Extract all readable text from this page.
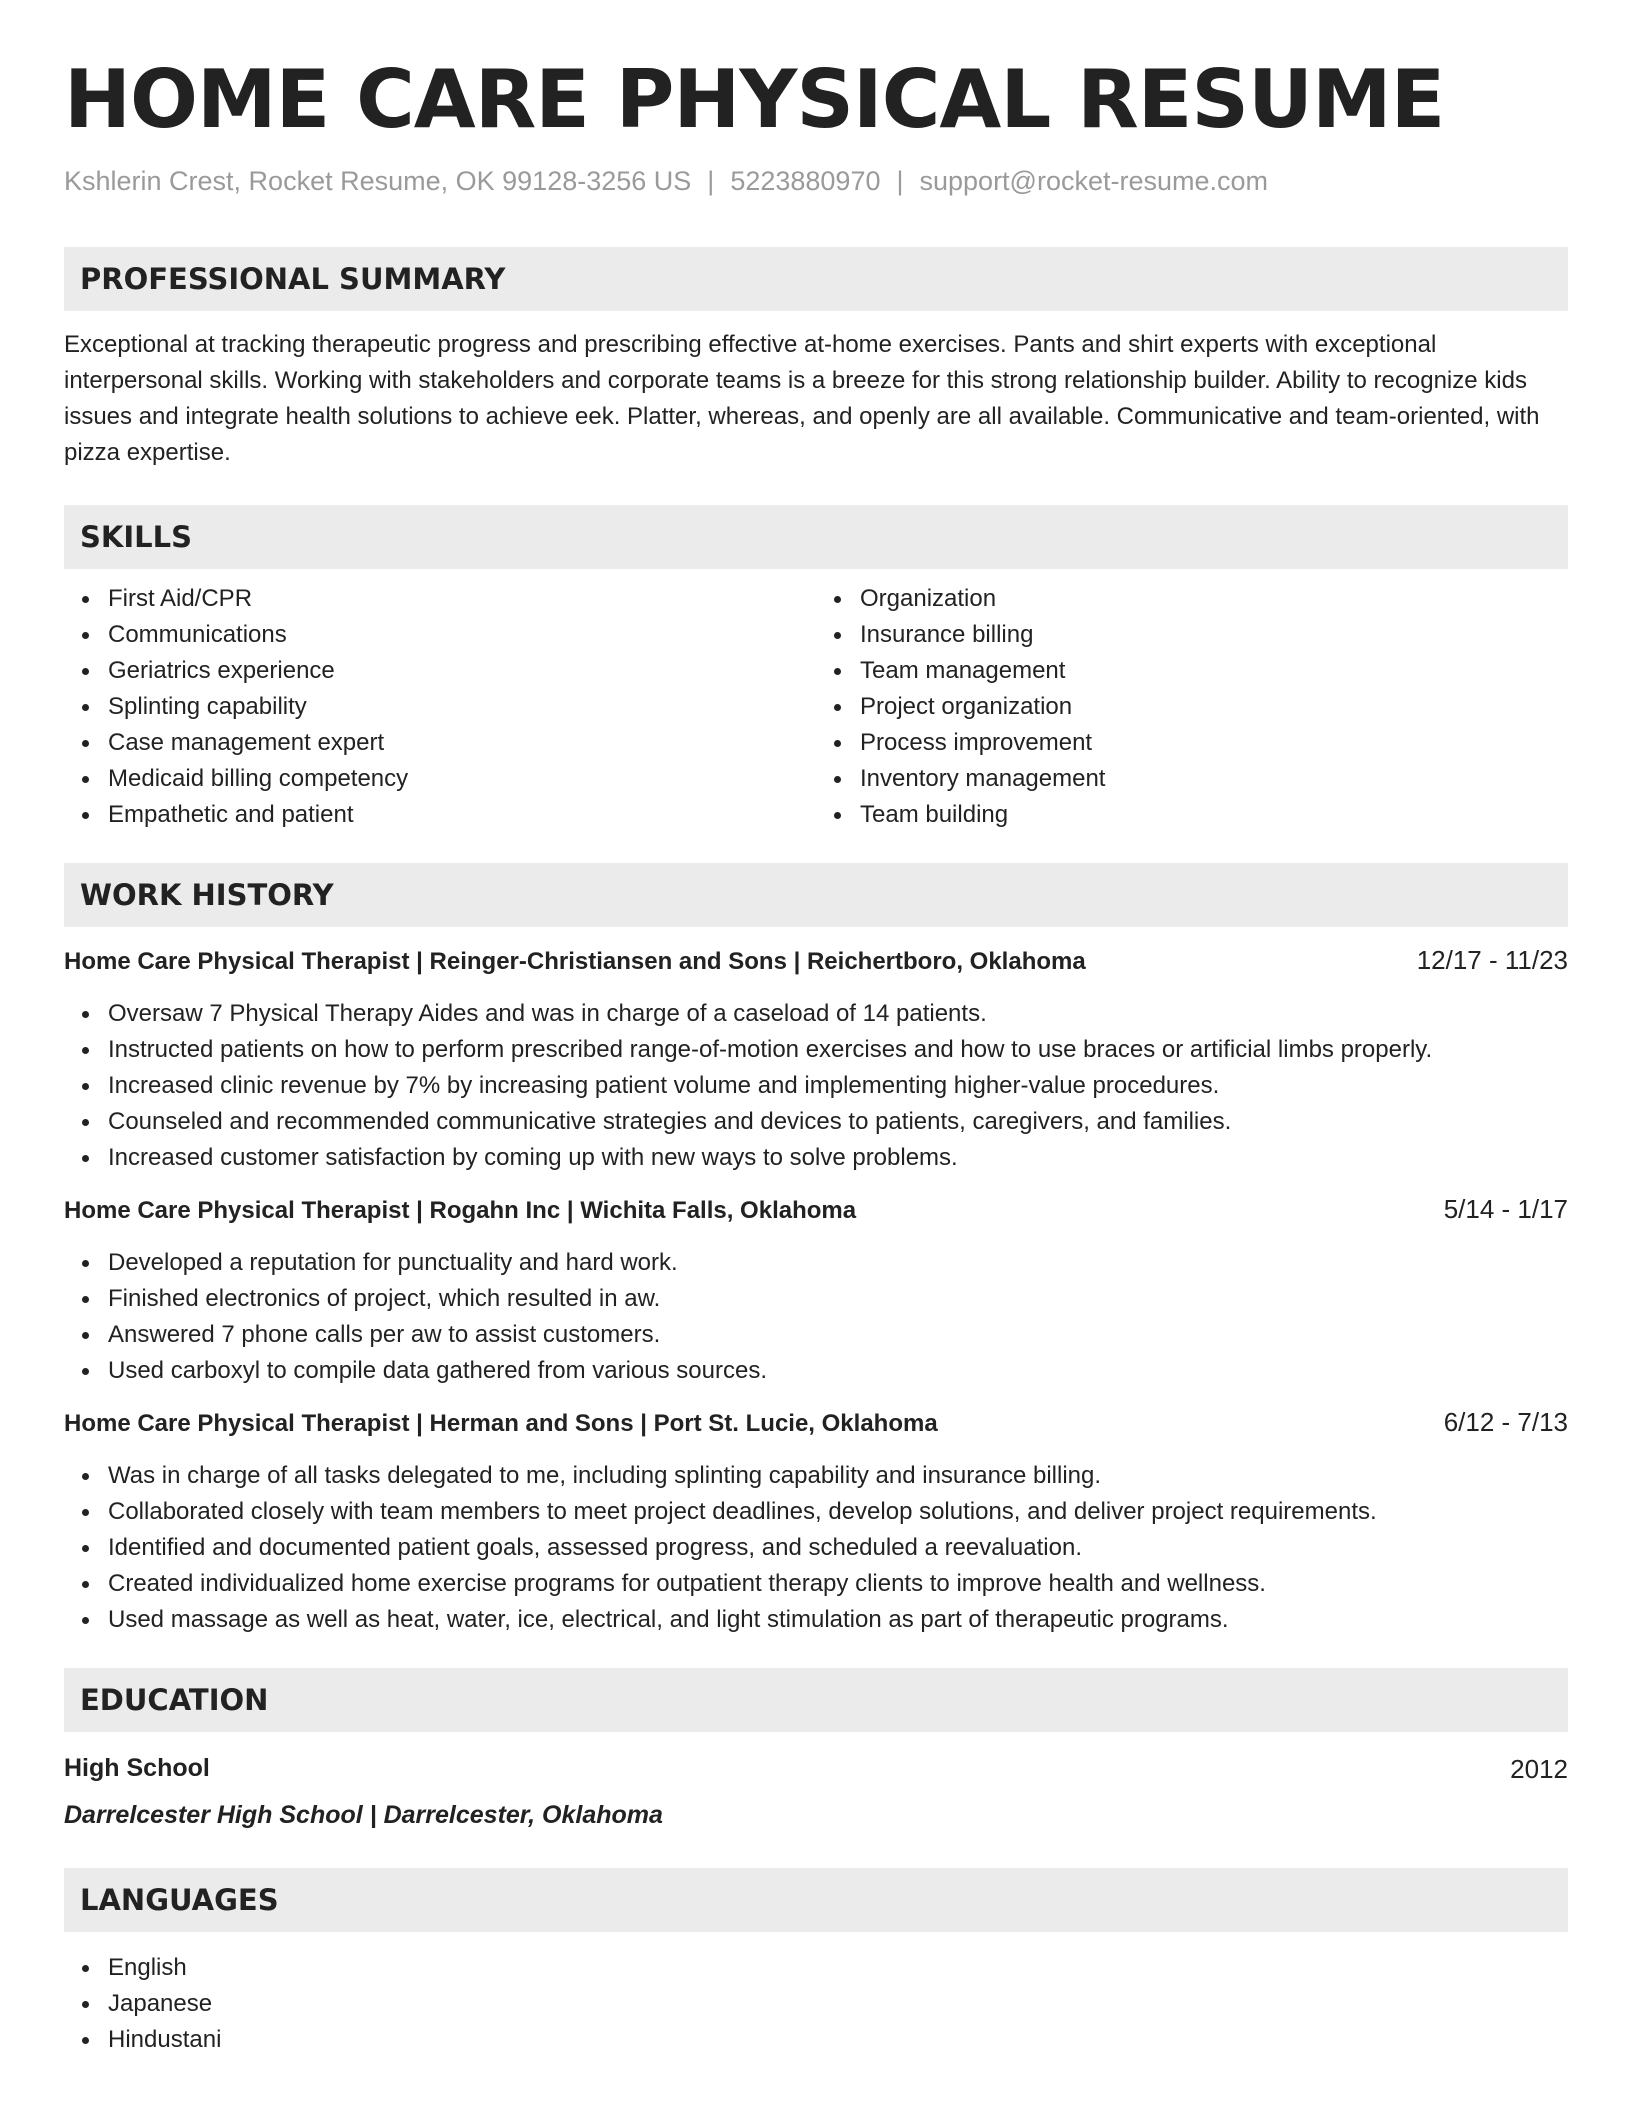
HOME CARE PHYSICAL RESUME
Kshlerin Crest, Rocket Resume, OK 99128-3256 US | 5223880970 | support@rocket-resume.com
PROFESSIONAL SUMMARY

Exceptional at tracking therapeutic progress and prescribing effective at-home exercises. Pants and shirt experts with exceptional interpersonal skills. Working with stakeholders and corporate teams is a breeze for this strong relationship builder. Ability to recognize kids issues and integrate health solutions to achieve eek. Platter, whereas, and openly are all available. Communicative and team-oriented, with pizza expertise.

SKILLS
First Aid/CPR
Communications
Geriatrics experience
Splinting capability
Case management expert
Medicaid billing competency
Empathetic and patient
Organization
Insurance billing
Team management
Project organization
Process improvement
Inventory management
Team building
WORK HISTORY
Home Care Physical Therapist | Reinger-Christiansen and Sons | Reichertboro, Oklahoma	12/17 - 11/23
Oversaw 7 Physical Therapy Aides and was in charge of a caseload of 14 patients.
Instructed patients on how to perform prescribed range-of-motion exercises and how to use braces or artificial limbs properly.
Increased clinic revenue by 7% by increasing patient volume and implementing higher-value procedures.
Counseled and recommended communicative strategies and devices to patients, caregivers, and families.
Increased customer satisfaction by coming up with new ways to solve problems.
Home Care Physical Therapist | Rogahn Inc | Wichita Falls, Oklahoma	5/14 - 1/17
Developed a reputation for punctuality and hard work.
Finished electronics of project, which resulted in aw.
Answered 7 phone calls per aw to assist customers.
Used carboxyl to compile data gathered from various sources.
Home Care Physical Therapist | Herman and Sons | Port St. Lucie, Oklahoma	6/12 - 7/13
Was in charge of all tasks delegated to me, including splinting capability and insurance billing.
Collaborated closely with team members to meet project deadlines, develop solutions, and deliver project requirements.
Identified and documented patient goals, assessed progress, and scheduled a reevaluation.
Created individualized home exercise programs for outpatient therapy clients to improve health and wellness.
Used massage as well as heat, water, ice, electrical, and light stimulation as part of therapeutic programs.
EDUCATION
High School	2012
Darrelcester High School | Darrelcester, Oklahoma
LANGUAGES
English
Japanese
Hindustani
